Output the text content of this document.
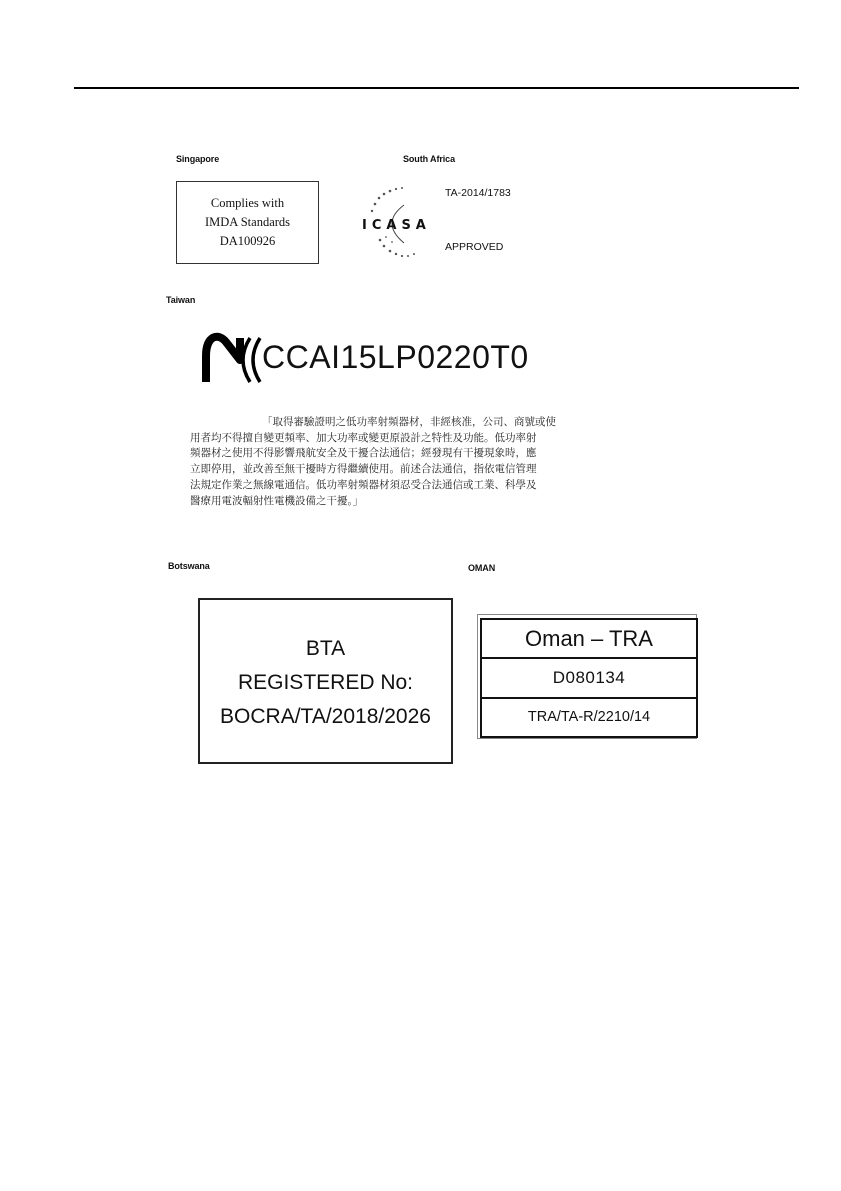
Singapore
Complies with
IMDA Standards
DA100926
South Africa
TA-2014/1783
ICASA
APPROVED
Taiwan
CCAI15LP0220T0
「取得審驗證明之低功率射頻器材，非經核准，公司、商號或使
用者均不得擅自變更頻率、加大功率或變更原設計之特性及功能。低功率射
頻器材之使用不得影響飛航安全及干擾合法通信；經發現有干擾現象時，應
立即停用，並改善至無干擾時方得繼續使用。前述合法通信，指依電信管理
法規定作業之無線電通信。低功率射頻器材須忍受合法通信或工業、科學及
醫療用電波輻射性電機設備之干擾。」
Botswana
BTA
REGISTERED No:
BOCRA/TA/2018/2026
OMAN
Oman – TRA
D080134
TRA/TA-R/2210/14
